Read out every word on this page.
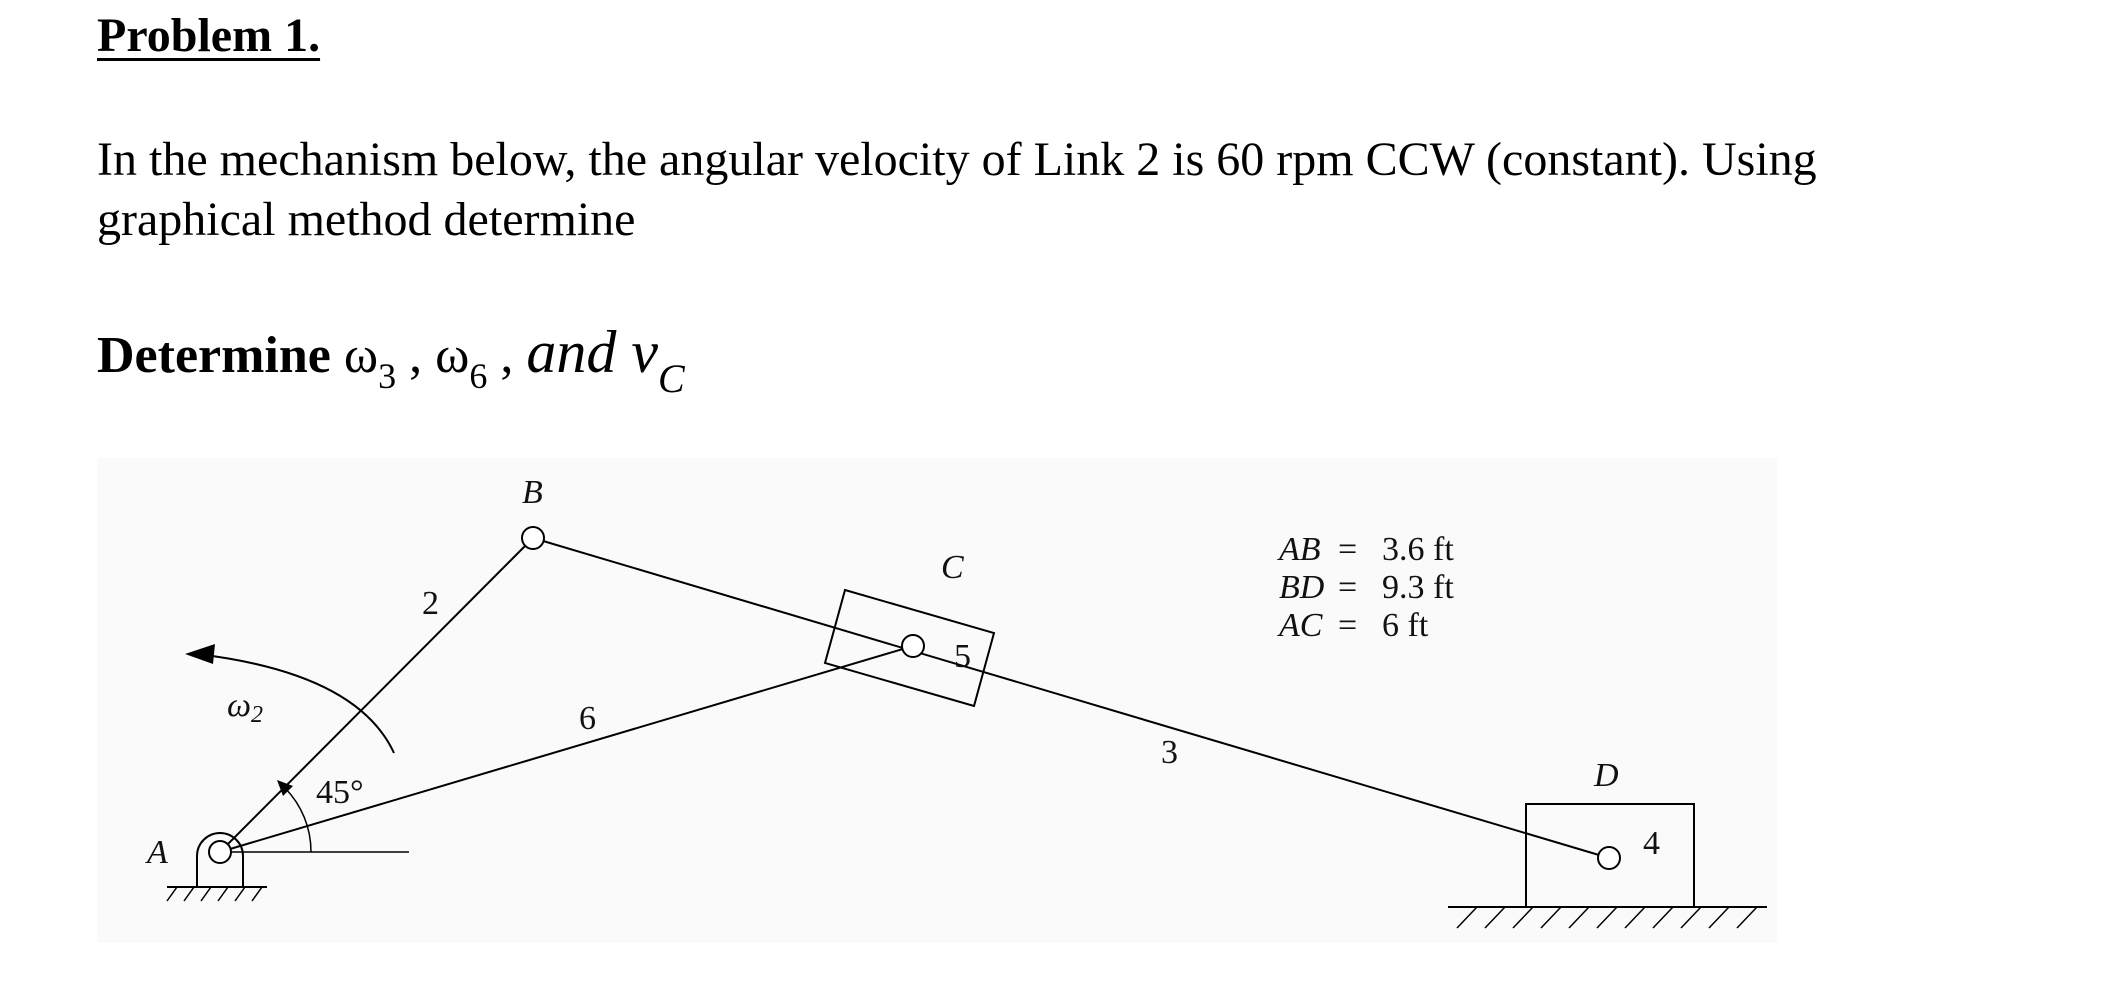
Problem 1.

In the mechanism below, the angular velocity of Link 2 is 60 rpm CCW (constant). Using graphical method determine

Determine $\omega_3$ , $\omega_6$ , and $v_C$

A
B
C
D
2
6
5
3
4
ω2
45°
AB = 3.6 ft
BD = 9.3 ft
AC = 6 ft
